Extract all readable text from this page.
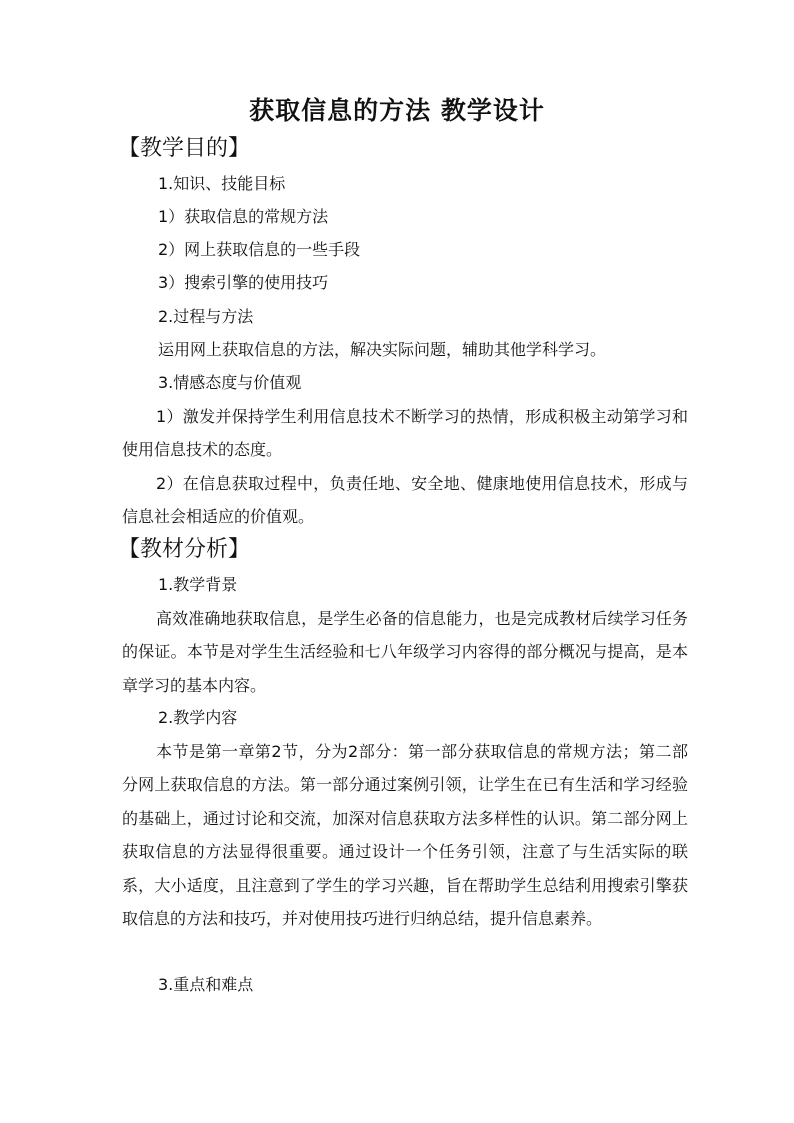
获取信息的方法 教学设计
【教学目的】
1.知识、技能目标
1）获取信息的常规方法
2）网上获取信息的一些手段
3）搜索引擎的使用技巧
2.过程与方法
运用网上获取信息的方法，解决实际问题，辅助其他学科学习。
3.情感态度与价值观
1）激发并保持学生利用信息技术不断学习的热情，形成积极主动第学习和使用信息技术的态度。
2）在信息获取过程中，负责任地、安全地、健康地使用信息技术，形成与信息社会相适应的价值观。
【教材分析】
1.教学背景
高效准确地获取信息，是学生必备的信息能力，也是完成教材后续学习任务的保证。本节是对学生生活经验和七八年级学习内容得的部分概况与提高，是本章学习的基本内容。
2.教学内容
本节是第一章第2节，分为2部分：第一部分获取信息的常规方法；第二部分网上获取信息的方法。第一部分通过案例引领，让学生在已有生活和学习经验的基础上，通过讨论和交流，加深对信息获取方法多样性的认识。第二部分网上获取信息的方法显得很重要。通过设计一个任务引领，注意了与生活实际的联系，大小适度，且注意到了学生的学习兴趣，旨在帮助学生总结利用搜索引擎获取信息的方法和技巧，并对使用技巧进行归纳总结，提升信息素养。
3.重点和难点
